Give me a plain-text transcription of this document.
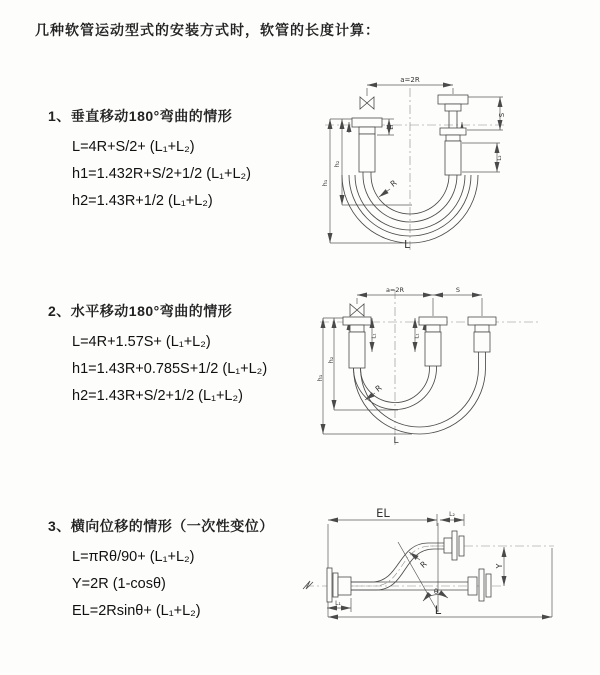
几种软管运动型式的安装方式时，软管的长度计算：
1、垂直移动180°弯曲的情形
L=4R+S/2+ (L₁+L₂)
h1=1.432R+S/2+1/2 (L₁+L₂)
h2=1.43R+1/2 (L₁+L₂)
2、水平移动180°弯曲的情形
L=4R+1.57S+ (L₁+L₂)
h1=1.43R+0.785S+1/2 (L₁+L₂)
h2=1.43R+S/2+1/2 (L₁+L₂)
3、横向位移的情形（一次性变位）
L=πRθ/90+ (L₁+L₂)
Y=2R (1-cosθ)
EL=2Rsinθ+ (L₁+L₂)
a=2R
L₁
S
L₂
h₁
h₂
R
L
a=2R	S
L₁	L₁
h₁
h₂
R
L
EL	L₂
L₁
Y
R
θ
L
